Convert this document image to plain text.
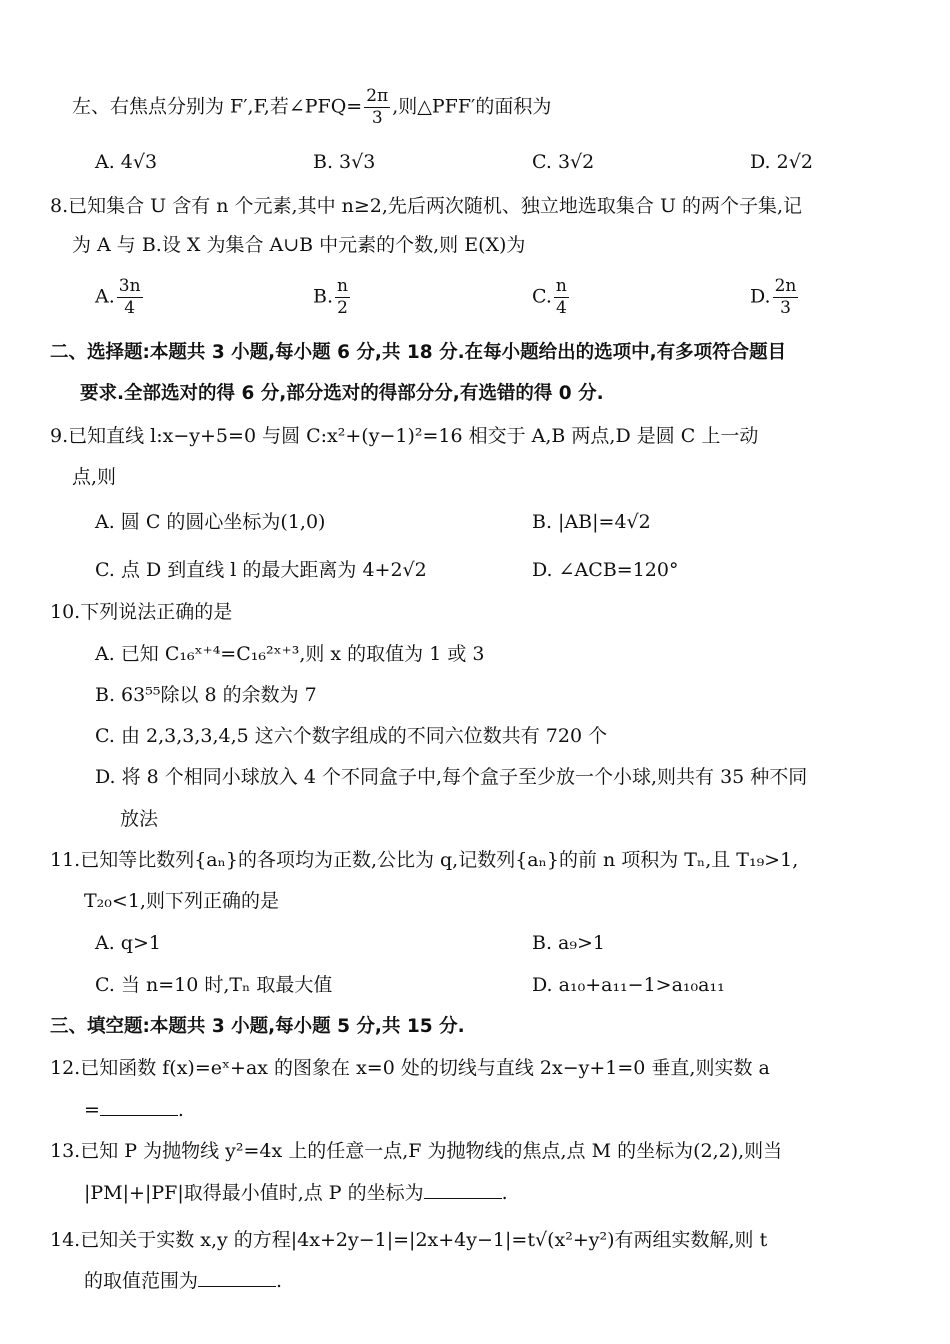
左、右焦点分别为 F′,F,若∠PFQ= $\frac{2\pi}{3}$ ,则△PFF′的面积为
A. 4√3	B. 3√3	C. 3√2	D. 2√2
8.已知集合 U 含有 n 个元素,其中 n≥2,先后两次随机、独立地选取集合 U 的两个子集,记
为 A 与 B.设 X 为集合 A∪B 中元素的个数,则 E(X)为
A. $\frac{3n}{4}$	B. $\frac{n}{2}$	C. $\frac{n}{4}$	D. $\frac{2n}{3}$
二、选择题:本题共 3 小题,每小题 6 分,共 18 分.在每小题给出的选项中,有多项符合题目
要求.全部选对的得 6 分,部分选对的得部分分,有选错的得 0 分.
9.已知直线 l:x−y+5=0 与圆 C:x²+(y−1)²=16 相交于 A,B 两点,D 是圆 C 上一动
点,则
A. 圆 C 的圆心坐标为(1,0)	B. |AB|=4√2
C. 点 D 到直线 l 的最大距离为 4+2√2	D. ∠ACB=120°
10.下列说法正确的是
A. 已知 C₁₆ˣ⁺⁴=C₁₆²ˣ⁺³,则 x 的取值为 1 或 3
B. 63⁵⁵除以 8 的余数为 7
C. 由 2,3,3,3,4,5 这六个数字组成的不同六位数共有 720 个
D. 将 8 个相同小球放入 4 个不同盒子中,每个盒子至少放一个小球,则共有 35 种不同
放法
11.已知等比数列{aₙ}的各项均为正数,公比为 q,记数列{aₙ}的前 n 项积为 Tₙ,且 T₁₉>1,
T₂₀<1,则下列正确的是
A. q>1	B. a₉>1
C. 当 n=10 时,Tₙ 取最大值	D. a₁₀+a₁₁−1>a₁₀a₁₁
三、填空题:本题共 3 小题,每小题 5 分,共 15 分.
12.已知函数 f(x)=eˣ+ax 的图象在 x=0 处的切线与直线 2x−y+1=0 垂直,则实数 a
=	.
13.已知 P 为抛物线 y²=4x 上的任意一点,F 为抛物线的焦点,点 M 的坐标为(2,2),则当
|PM|+|PF|取得最小值时,点 P 的坐标为	.
14.已知关于实数 x,y 的方程|4x+2y−1|=|2x+4y−1|=t√(x²+y²)有两组实数解,则 t
的取值范围为	.
